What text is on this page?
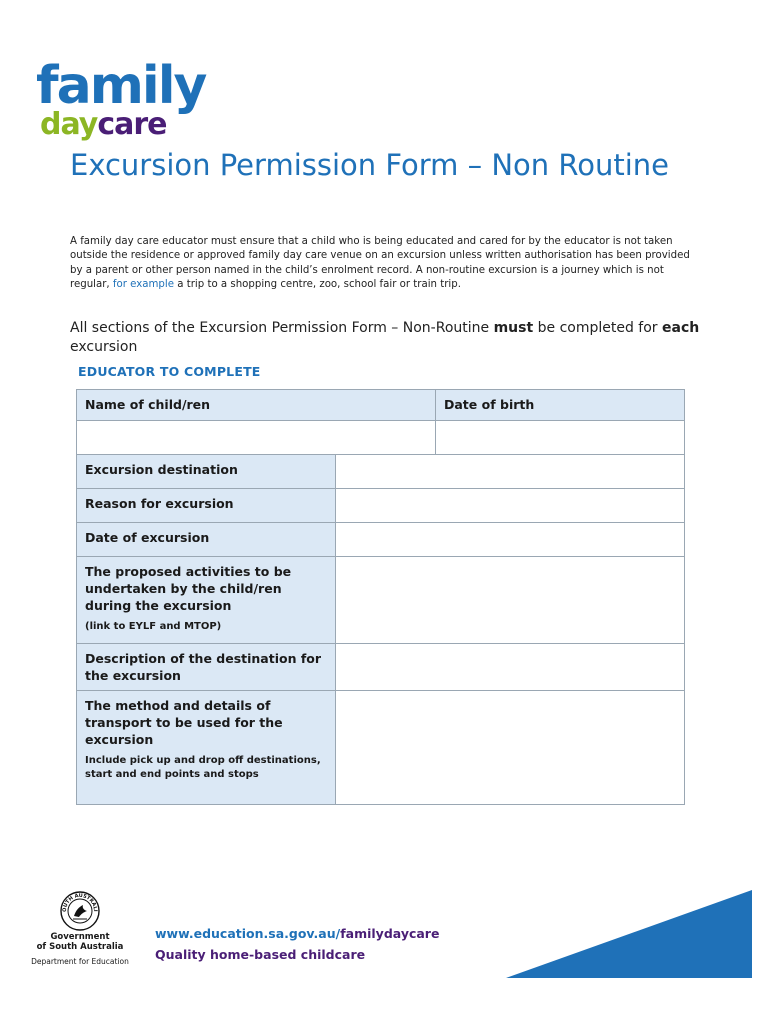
family
daycare
Excursion Permission Form – Non Routine

A family day care educator must ensure that a child who is being educated and cared for by the educator is not taken outside the residence or approved family day care venue on an excursion unless written authorisation has been provided by a parent or other person named in the child’s enrolment record. A non-routine excursion is a journey which is not regular, for example a trip to a shopping centre, zoo, school fair or train trip.

All sections of the Excursion Permission Form – Non-Routine must be completed for each excursion

EDUCATOR TO COMPLETE
Name of child/ren		Date of birth

Excursion destination		
Reason for excursion		
Date of excursion		
The proposed activities to be undertaken by the child/ren during the excursion
(link to EYLF and MTOP)		

Description of the destination for the excursion		
The method and details of transport to be used for the excursion
Include pick up and drop off destinations, start and end points and stops		

OUTH AUSTRALI
Government
of South Australia
Department for Education
www.education.sa.gov.au/familydaycare
Quality home-based childcare
